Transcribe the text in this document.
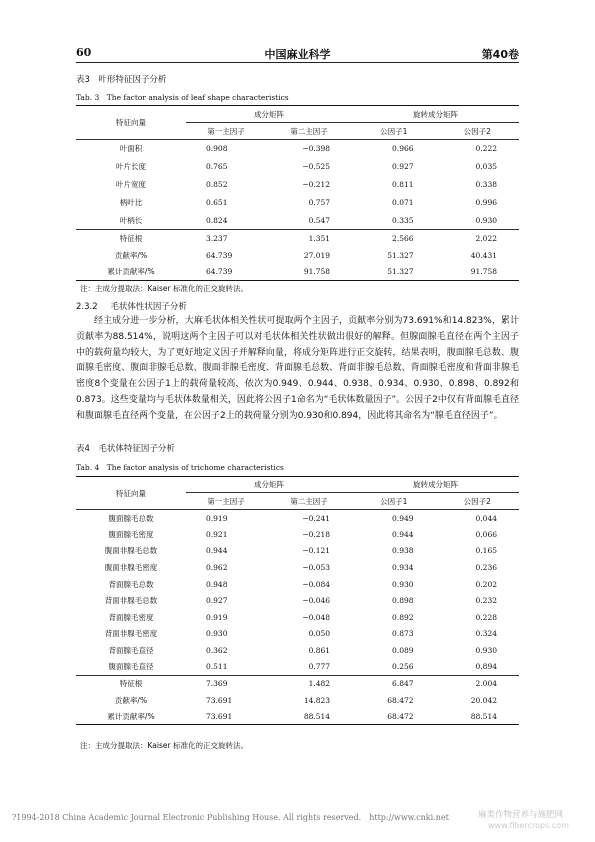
60	中国麻业科学	第40卷
表3　叶形特征因子分析
Tab. 3　The factor analysis of leaf shape characteristics
特征向量	成分矩阵		旋转成分矩阵	
	第一主因子	第二主因子	公因子1	公因子2
叶面积	0.908	−0.398	0.966	0.222
叶片长度	0.765	−0.525	0.927	0.035
叶片宽度	0.852	−0.212	0.811	0.338
柄叶比	0.651	0.757	0.071	0.996
叶柄长	0.824	0.547	0.335	0.930
特征根	3.237	1.351	2.566	2.022
贡献率/%	64.739	27.019	51.327	40.431
累计贡献率/%	64.739	91.758	51.327	91.758
注：主成分提取法：Kaiser 标准化的正交旋转法。
2.3.2 毛状体性状因子分析

经主成分进一步分析，大麻毛状体相关性状可提取两个主因子，贡献率分别为73.691%和14.823%，累计贡献率为88.514%，说明这两个主因子可以对毛状体相关性状做出很好的解释。但腺面腺毛直径在两个主因子中的载荷量均较大，为了更好地定义因子并解释向量，将成分矩阵进行正交旋转，结果表明，腹面腺毛总数、腹面腺毛密度、腹面非腺毛总数、腹面非腺毛密度、背面腺毛总数、背面非腺毛总数、背面腺毛密度和背面非腺毛密度8个变量在公因子1上的载荷量较高，依次为0.949、0.944、0.938、0.934、0.930、0.898、0.892和0.873。这些变量均与毛状体数量相关，因此将公因子1命名为“毛状体数量因子”。公因子2中仅有背面腺毛直径和腹面腺毛直径两个变量，在公因子2上的载荷量分别为0.930和0.894，因此将其命名为“腺毛直径因子”。

表4　毛状体特征因子分析
Tab. 4　The factor analysis of trichome characteristics
特征向量	成分矩阵		旋转成分矩阵	
	第一主因子	第二主因子	公因子1	公因子2
腹面腺毛总数	0.919	−0.241	0.949	0.044
腹面腺毛密度	0.921	−0.218	0.944	0.066
腹面非腺毛总数	0.944	−0.121	0.938	0.165
腹面非腺毛密度	0.962	−0.053	0.934	0.236
背面腺毛总数	0.948	−0.084	0.930	0.202
背面非腺毛总数	0.927	−0.046	0.898	0.232
背面腺毛密度	0.919	−0.048	0.892	0.228
背面非腺毛密度	0.930	0.050	0.873	0.324
背面腺毛直径	0.362	0.861	0.089	0.930
腹面腺毛直径	0.511	0.777	0.256	0.894
特征根	7.369	1.482	6.847	2.004
贡献率/%	73.691	14.823	68.472	20.042
累计贡献率/%	73.691	88.514	68.472	88.514
注：主成分提取法：Kaiser 标准化的正交旋转法。
?1994-2018 China Academic Journal Electronic Publishing House. All rights reserved.　http://www.cnki.net	麻类作物营养与施肥网
www.fibercrops.com
